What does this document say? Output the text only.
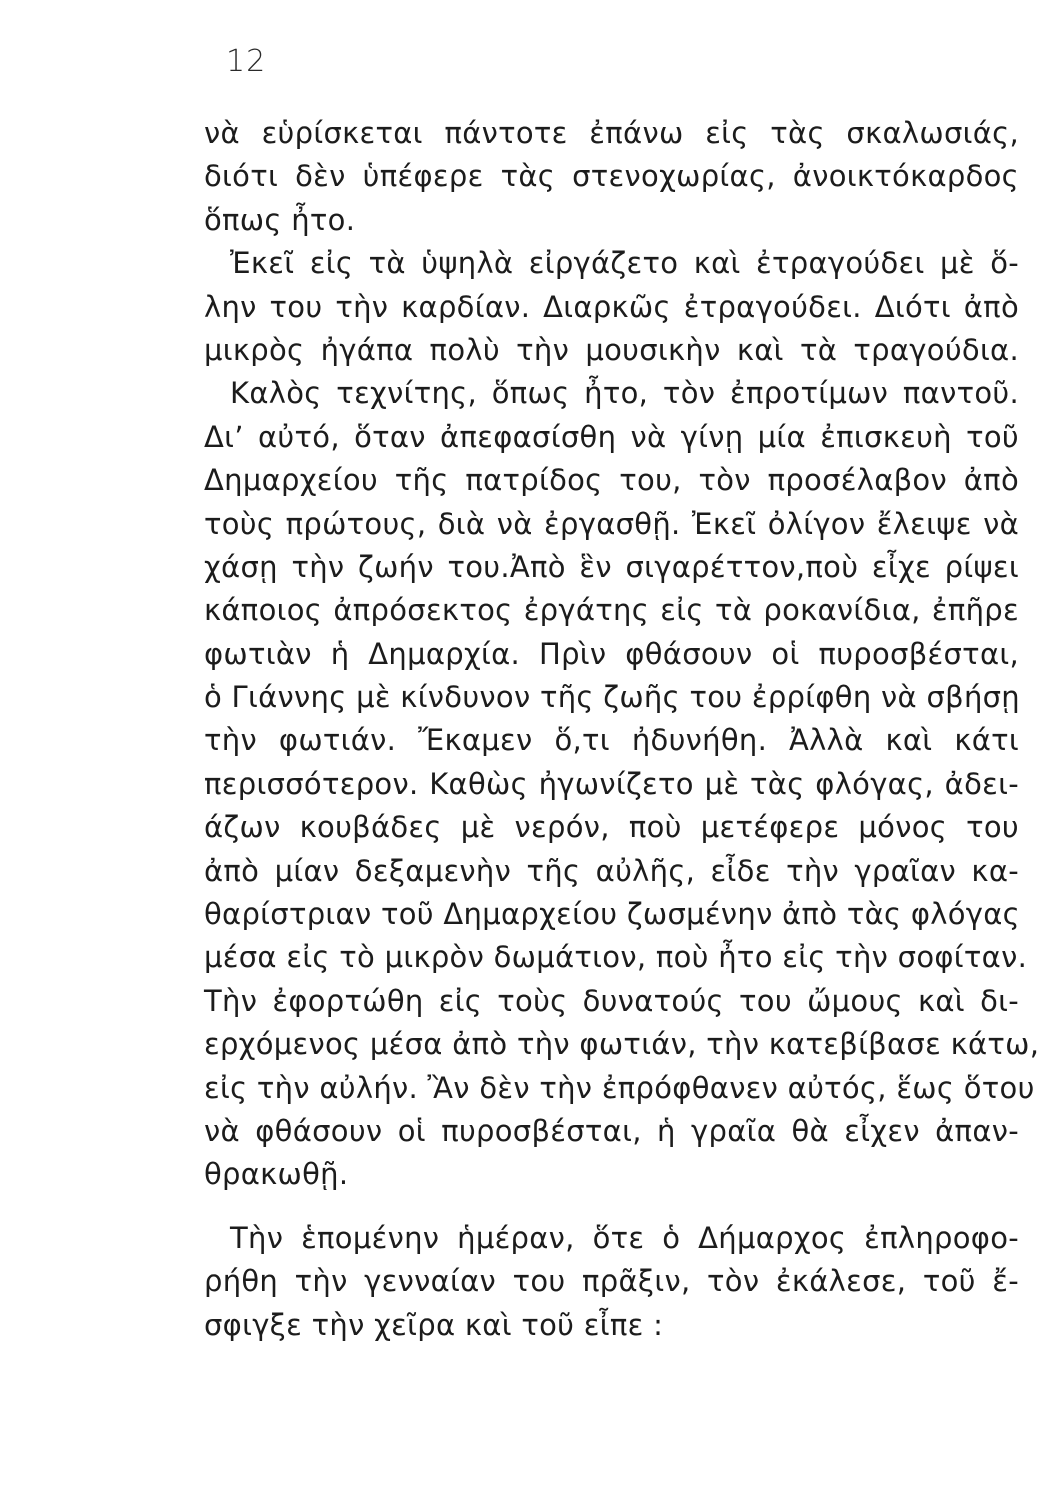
12
νὰ εὑρίσκεται πάντοτε ἐπάνω εἰς τὰς σκαλωσιάς,
διότι δὲν ὑπέφερε τὰς στενοχωρίας, ἀνοικτόκαρδος
ὅπως ἦτο.
Ἐκεῖ εἰς τὰ ὑψηλὰ εἰργάζετο καὶ ἐτραγούδει μὲ ὅ-
λην του τὴν καρδίαν. Διαρκῶς ἐτραγούδει. Διότι ἀπὸ
μικρὸς ἠγάπα πολὺ τὴν μουσικὴν καὶ τὰ τραγούδια.
Καλὸς τεχνίτης, ὅπως ἦτο, τὸν ἐπροτίμων παντοῦ.
Δι’ αὐτό, ὅταν ἀπεφασίσθη νὰ γίνῃ μία ἐπισκευὴ τοῦ
Δημαρχείου τῆς πατρίδος του, τὸν προσέλαβον ἀπὸ
τοὺς πρώτους, διὰ νὰ ἐργασθῇ. Ἐκεῖ ὀλίγον ἔλειψε νὰ
χάσῃ τὴν ζωήν του.Ἀπὸ ἓν σιγαρέττον,ποὺ εἶχε ρίψει
κάποιος ἀπρόσεκτος ἐργάτης εἰς τὰ ροκανίδια, ἐπῆρε
φωτιὰν ἡ Δημαρχία. Πρὶν φθάσουν οἱ πυροσβέσται,
ὁ Γιάννης μὲ κίνδυνον τῆς ζωῆς του ἐρρίφθη νὰ σβήσῃ
τὴν φωτιάν. Ἔκαμεν ὅ,τι ἠδυνήθη. Ἀλλὰ καὶ κάτι
περισσότερον. Καθὼς ἠγωνίζετο μὲ τὰς φλόγας, ἀδει-
άζων κουβάδες μὲ νερόν, ποὺ μετέφερε μόνος του
ἀπὸ μίαν δεξαμενὴν τῆς αὐλῆς, εἶδε τὴν γραῖαν κα-
θαρίστριαν τοῦ Δημαρχείου ζωσμένην ἀπὸ τὰς φλόγας
μέσα εἰς τὸ μικρὸν δωμάτιον, ποὺ ἦτο εἰς τὴν σοφίταν.
Τὴν ἐφορτώθη εἰς τοὺς δυνατούς του ὤμους καὶ δι-
ερχόμενος μέσα ἀπὸ τὴν φωτιάν, τὴν κατεβίβασε κάτω,
εἰς τὴν αὐλήν. Ἂν δὲν τὴν ἐπρόφθανεν αὐτός, ἕως ὅτου
νὰ φθάσουν οἱ πυροσβέσται, ἡ γραῖα θὰ εἶχεν ἀπαν-
θρακωθῇ.
Τὴν ἑπομένην ἡμέραν, ὅτε ὁ Δήμαρχος ἐπληροφο-
ρήθη τὴν γενναίαν του πρᾶξιν, τὸν ἐκάλεσε, τοῦ ἔ-
σφιγξε τὴν χεῖρα καὶ τοῦ εἶπε :
